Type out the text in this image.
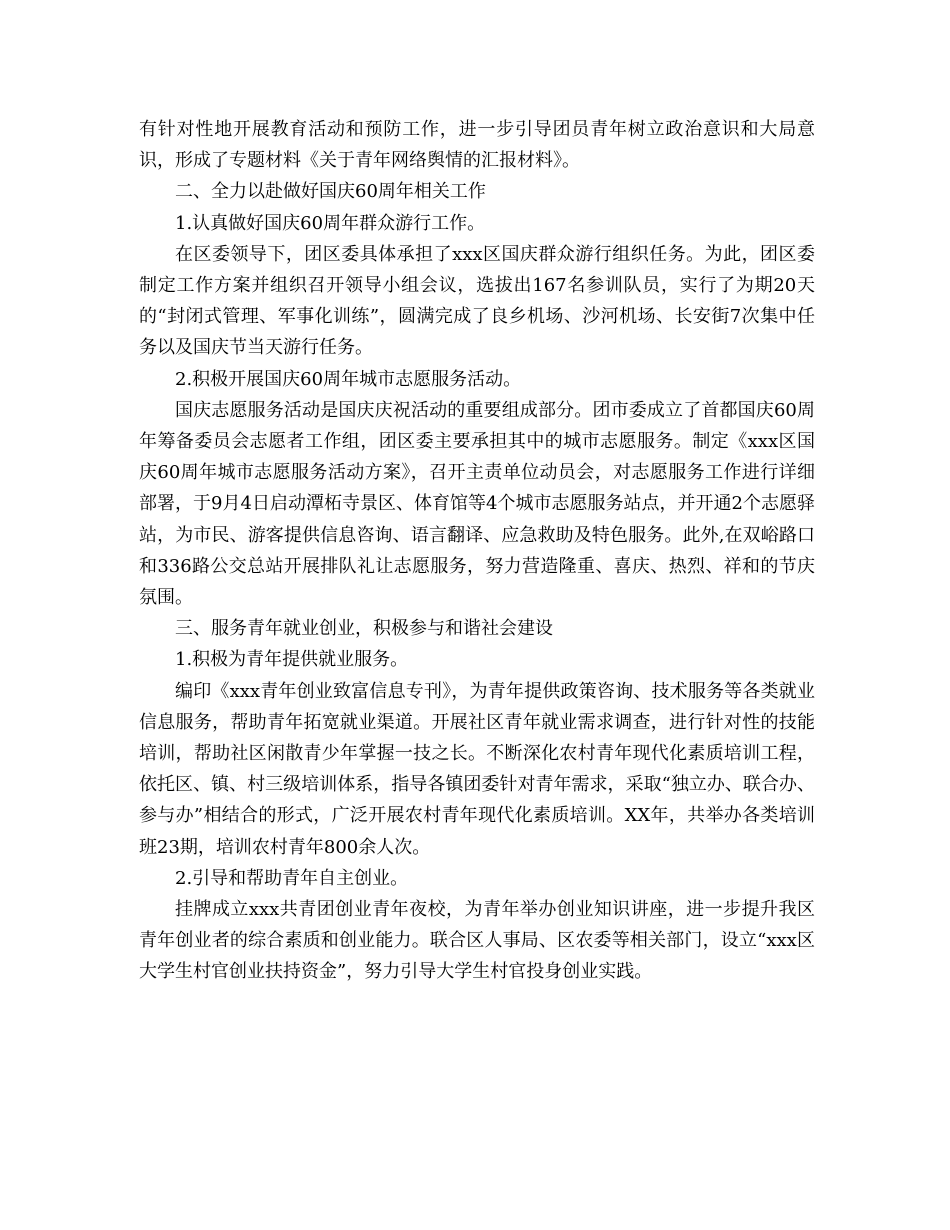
有针对性地开展教育活动和预防工作，进一步引导团员青年树立政治意识和大局意识，形成了专题材料《关于青年网络舆情的汇报材料》。

二、全力以赴做好国庆60周年相关工作

1.认真做好国庆60周年群众游行工作。

在区委领导下，团区委具体承担了xxx区国庆群众游行组织任务。为此，团区委制定工作方案并组织召开领导小组会议，选拔出167名参训队员，实行了为期20天的“封闭式管理、军事化训练”，圆满完成了良乡机场、沙河机场、长安街7次集中任务以及国庆节当天游行任务。

2.积极开展国庆60周年城市志愿服务活动。

国庆志愿服务活动是国庆庆祝活动的重要组成部分。团市委成立了首都国庆60周年筹备委员会志愿者工作组，团区委主要承担其中的城市志愿服务。制定《xxx区国庆60周年城市志愿服务活动方案》，召开主责单位动员会，对志愿服务工作进行详细部署，于9月4日启动潭柘寺景区、体育馆等4个城市志愿服务站点，并开通2个志愿驿站，为市民、游客提供信息咨询、语言翻译、应急救助及特色服务。此外,在双峪路口和336路公交总站开展排队礼让志愿服务，努力营造隆重、喜庆、热烈、祥和的节庆氛围。

三、服务青年就业创业，积极参与和谐社会建设

1.积极为青年提供就业服务。

编印《xxx青年创业致富信息专刊》，为青年提供政策咨询、技术服务等各类就业信息服务，帮助青年拓宽就业渠道。开展社区青年就业需求调查，进行针对性的技能培训，帮助社区闲散青少年掌握一技之长。不断深化农村青年现代化素质培训工程，依托区、镇、村三级培训体系，指导各镇团委针对青年需求，采取“独立办、联合办、参与办”相结合的形式，广泛开展农村青年现代化素质培训。XX年，共举办各类培训班23期，培训农村青年800余人次。

2.引导和帮助青年自主创业。

挂牌成立xxx共青团创业青年夜校，为青年举办创业知识讲座，进一步提升我区青年创业者的综合素质和创业能力。联合区人事局、区农委等相关部门，设立“xxx区大学生村官创业扶持资金”，努力引导大学生村官投身创业实践。
